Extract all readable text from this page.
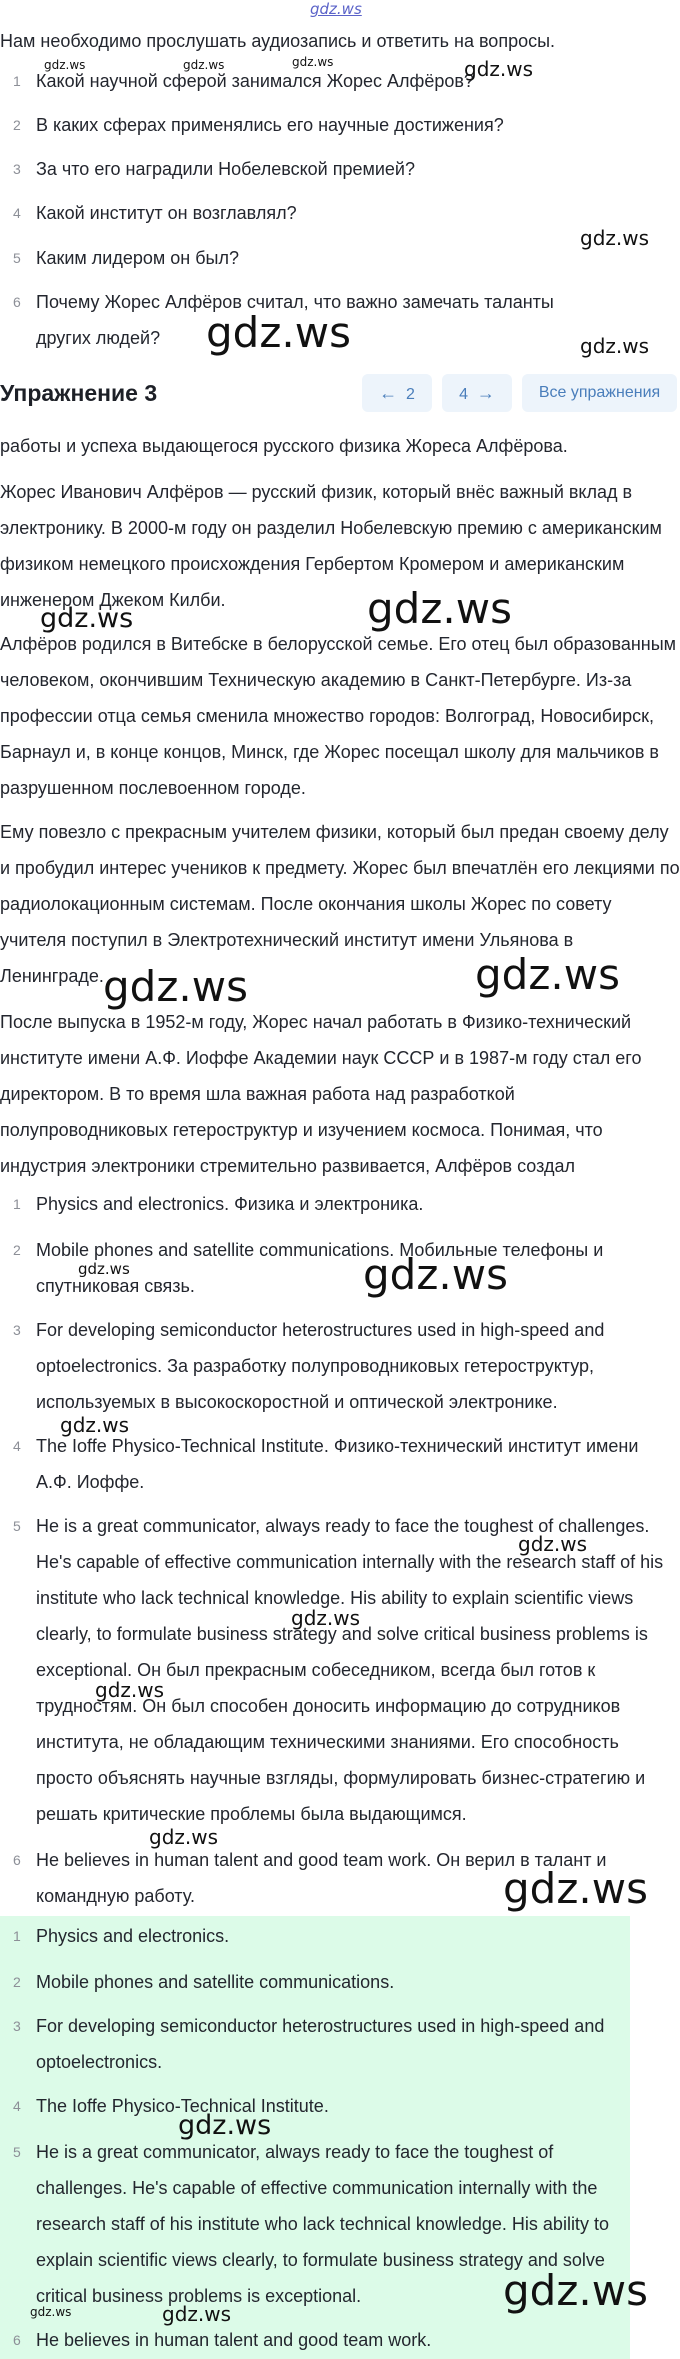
gdz.ws
Нам необходимо прослушать аудиозапись и ответить на вопросы.
1 Какой научной сферой занимался Жорес Алфёров?
2 В каких сферах применялись его научные достижения?
3 За что его наградили Нобелевской премией?
4 Какой институт он возглавлял?
5 Каким лидером он был?
6 Почему Жорес Алфёров считал, что важно замечать таланты других людей?
Упражнение 3	← 2	4 →	Все упражнения

работы и успеха выдающегося русского физика Жореса Алфёрова.

Жорес Иванович Алфёров — русский физик, который внёс важный вклад в электронику. В 2000-м году он разделил Нобелевскую премию с американским физиком немецкого происхождения Гербертом Кромером и американским инженером Джеком Килби.

Алфёров родился в Витебске в белорусской семье. Его отец был образованным человеком, окончившим Техническую академию в Санкт-Петербурге. Из-за профессии отца семья сменила множество городов: Волгоград, Новосибирск, Барнаул и, в конце концов, Минск, где Жорес посещал школу для мальчиков в разрушенном послевоенном городе.

Ему повезло с прекрасным учителем физики, который был предан своему делу и пробудил интерес учеников к предмету. Жорес был впечатлён его лекциями по радиолокационным системам. После окончания школы Жорес по совету учителя поступил в Электротехнический институт имени Ульянова в Ленинграде.

После выпуска в 1952-м году, Жорес начал работать в Физико-технический институте имени А.Ф. Иоффе Академии наук СССР и в 1987-м году стал его директором. В то время шла важная работа над разработкой полупроводниковых гетероструктур и изучением космоса. Понимая, что индустрия электроники стремительно развивается, Алфёров создал

1 Physics and electronics. Физика и электроника.
2 Mobile phones and satellite communications. Мобильные телефоны и спутниковая связь.
3 For developing semiconductor heterostructures used in high-speed and optoelectronics. За разработку полупроводниковых гетероструктур, используемых в высокоскоростной и оптической электронике.
4 The Ioffe Physico-Technical Institute. Физико-технический институт имени А.Ф. Иоффе.
5 He is a great communicator, always ready to face the toughest of challenges. He's capable of effective communication internally with the research staff of his institute who lack technical knowledge. His ability to explain scientific views clearly, to formulate business strategy and solve critical business problems is exceptional. Он был прекрасным собеседником, всегда был готов к трудностям. Он был способен доносить информацию до сотрудников института, не обладающим техническими знаниями. Его способность просто объяснять научные взгляды, формулировать бизнес-стратегию и решать критические проблемы была выдающимся.
6 He believes in human talent and good team work. Он верил в талант и командную работу.
1 Physics and electronics.
2 Mobile phones and satellite communications.
3 For developing semiconductor heterostructures used in high-speed and optoelectronics.
4 The Ioffe Physico-Technical Institute.
5 He is a great communicator, always ready to face the toughest of challenges. He's capable of effective communication internally with the research staff of his institute who lack technical knowledge. His ability to explain scientific views clearly, to formulate business strategy and solve critical business problems is exceptional.
6 He believes in human talent and good team work.
gdz.ws	gdz.ws	gdz.ws	gdz.ws
gdz.ws
gdz.ws	gdz.ws
gdz.ws	gdz.ws
gdz.ws	gdz.ws
gdz.ws	gdz.ws
gdz.ws
gdz.ws
gdz.ws
gdz.ws
gdz.ws
gdz.ws
gdz.ws
gdz.ws
gdz.ws	gdz.ws
